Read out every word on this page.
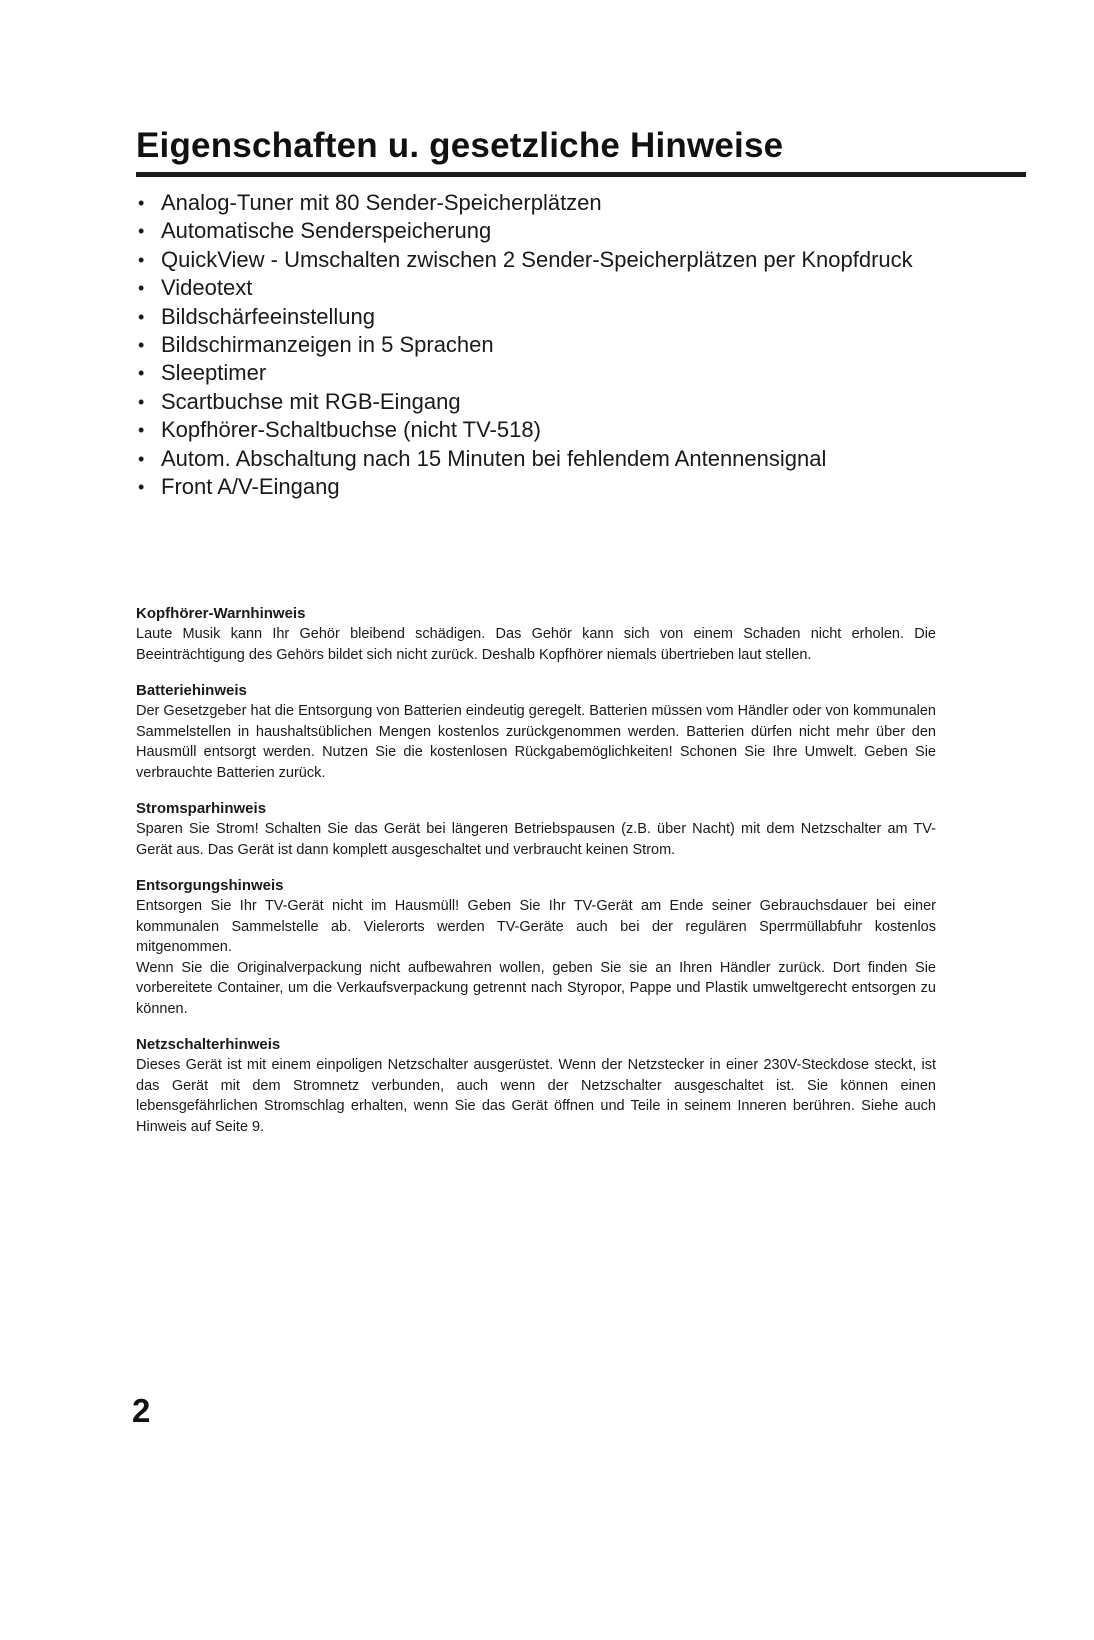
Eigenschaften u. gesetzliche Hinweise
• Analog-Tuner mit 80 Sender-Speicherplätzen
• Automatische Senderspeicherung
• QuickView - Umschalten zwischen 2 Sender-Speicherplätzen per Knopfdruck
• Videotext
• Bildschärfeeinstellung
• Bildschirmanzeigen in 5 Sprachen
• Sleeptimer
• Scartbuchse mit RGB-Eingang
• Kopfhörer-Schaltbuchse (nicht TV-518)
• Autom. Abschaltung nach 15 Minuten bei fehlendem Antennensignal
• Front A/V-Eingang
Kopfhörer-Warnhinweis

Laute Musik kann Ihr Gehör bleibend schädigen. Das Gehör kann sich von einem Schaden nicht erholen. Die Beeinträchtigung des Gehörs bildet sich nicht zurück. Deshalb Kopfhörer niemals übertrieben laut stellen.

Batteriehinweis

Der Gesetzgeber hat die Entsorgung von Batterien eindeutig geregelt. Batterien müssen vom Händler oder von kommunalen Sammelstellen in haushaltsüblichen Mengen kostenlos zurückgenommen werden. Batterien dürfen nicht mehr über den Hausmüll entsorgt werden. Nutzen Sie die kostenlosen Rückgabemöglichkeiten! Schonen Sie Ihre Umwelt. Geben Sie verbrauchte Batterien zurück.

Stromsparhinweis

Sparen Sie Strom! Schalten Sie das Gerät bei längeren Betriebspausen (z.B. über Nacht) mit dem Netzschalter am TV-Gerät aus. Das Gerät ist dann komplett ausgeschaltet und verbraucht keinen Strom.

Entsorgungshinweis

Entsorgen Sie Ihr TV-Gerät nicht im Hausmüll! Geben Sie Ihr TV-Gerät am Ende seiner Gebrauchsdauer bei einer kommunalen Sammelstelle ab. Vielerorts werden TV-Geräte auch bei der regulären Sperrmüllabfuhr kostenlos mitgenommen.

Wenn Sie die Originalverpackung nicht aufbewahren wollen, geben Sie sie an Ihren Händler zurück. Dort finden Sie vorbereitete Container, um die Verkaufsverpackung getrennt nach Styropor, Pappe und Plastik umweltgerecht entsorgen zu können.

Netzschalterhinweis

Dieses Gerät ist mit einem einpoligen Netzschalter ausgerüstet. Wenn der Netzstecker in einer 230V-Steckdose steckt, ist das Gerät mit dem Stromnetz verbunden, auch wenn der Netzschalter ausgeschaltet ist. Sie können einen lebensgefährlichen Stromschlag erhalten, wenn Sie das Gerät öffnen und Teile in seinem Inneren berühren. Siehe auch Hinweis auf Seite 9.

2
